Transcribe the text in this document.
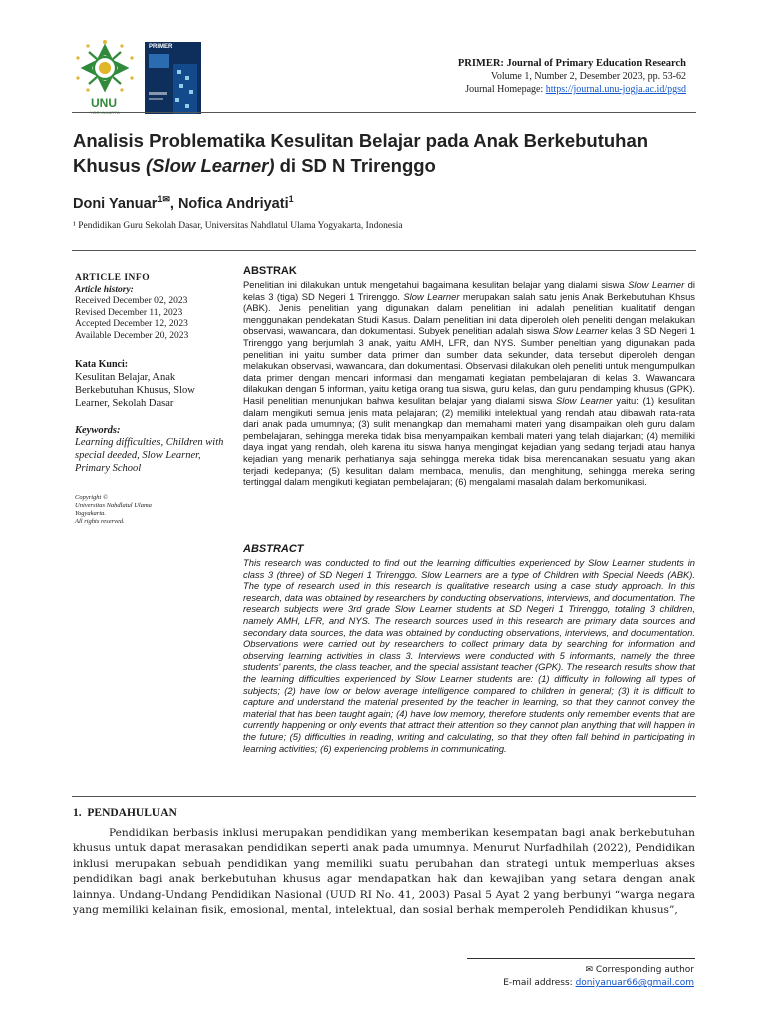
UNU
YOGYAKARTA
PRIMER
PRIMER: Journal of Primary Education Research
Volume 1, Number 2, Desember 2023, pp. 53-62
Journal Homepage: https://journal.unu-jogja.ac.id/pgsd
Analisis Problematika Kesulitan Belajar pada Anak Berkebutuhan
Khusus (Slow Learner) di SD N Trirenggo
Doni Yanuar$^{1✉}$, Nofica Andriyati$^1$
¹ Pendidikan Guru Sekolah Dasar, Universitas Nahdlatul Ulama Yogyakarta, Indonesia
ARTICLE INFO
Article history:
Received December 02, 2023
Revised December 11, 2023
Accepted December 12, 2023
Available December 20, 2023
Kata Kunci:
Kesulitan Belajar, Anak Berkebutuhan Khusus, Slow Learner, Sekolah Dasar
Keywords:
Learning difficulties, Children with special deeded, Slow Learner, Primary School
Copyright ©
Universitas Nahdlatul Ulama
Yogyakarta.
All rights reserved.
ABSTRAK
Penelitian ini dilakukan untuk mengetahui bagaimana kesulitan belajar yang dialami siswa Slow Learner di kelas 3 (tiga) SD Negeri 1 Trirenggo. Slow Learner merupakan salah satu jenis Anak Berkebutuhan Khsus (ABK). Jenis penelitian yang digunakan dalam penelitian ini adalah penelitian kualitatif dengan menggunakan pendekatan Studi Kasus. Dalam penelitian ini data diperoleh oleh peneliti dengan melakukan observasi, wawancara, dan dokumentasi. Subyek penelitian adalah siswa Slow Learner kelas 3 SD Negeri 1 Trirenggo yang berjumlah 3 anak, yaitu AMH, LFR, dan NYS. Sumber peneltian yang digunakan pada penelitian ini yaitu sumber data primer dan sumber data sekunder, data tersebut diperoleh dengan melakukan observasi, wawancara, dan dokumentasi. Observasi dilakukan oleh peneliti untuk mengumpulkan data primer dengan mencari informasi dan mengamati kegiatan pembelajaran di kelas 3. Wawancara dilakukan dengan 5 informan, yaitu ketiga orang tua siswa, guru kelas, dan guru pendamping khusus (GPK). Hasil penelitian menunjukan bahwa kesulitan belajar yang dialami siswa Slow Learner yaitu: (1) kesulitan dalam mengikuti semua jenis mata pelajaran; (2) memiliki intelektual yang rendah atau dibawah rata-rata dari anak pada umumnya; (3) sulit menangkap dan memahami materi yang disampaikan oleh guru dalam pembelajaran, sehingga mereka tidak bisa menyampaikan kembali materi yang telah diajarkan; (4) memiliki daya ingat yang rendah, oleh karena itu siswa hanya mengingat kejadian yang sedang terjadi atau hanya kejadian yang menarik perhatianya saja sehingga mereka tidak bisa merencanakan sesuatu yang akan terjadi kedepanya; (5) kesulitan dalam membaca, menulis, dan menghitung, sehingga mereka sering tertinggal dalam mengikuti kegiatan pembelajaran; (6) mengalami masalah dalam berkomunikasi.
ABSTRACT
This research was conducted to find out the learning difficulties experienced by Slow Learner students in class 3 (three) of SD Negeri 1 Trirenggo. Slow Learners are a type of Children with Special Needs (ABK). The type of research used in this research is qualitative research using a case study approach. In this research, data was obtained by researchers by conducting observations, interviews, and documentation. The research subjects were 3rd grade Slow Learner students at SD Negeri 1 Trirenggo, totaling 3 children, namely AMH, LFR, and NYS. The research sources used in this research are primary data sources and secondary data sources, the data was obtained by conducting observations, interviews, and documentation. Observations were carried out by researchers to collect primary data by searching for information and observing learning activities in class 3. Interviews were conducted with 5 informants, namely the three students' parents, the class teacher, and the special assistant teacher (GPK). The research results show that the learning difficulties experienced by Slow Learner students are: (1) difficulty in following all types of subjects; (2) have low or below average intelligence compared to children in general; (3) it is difficult to capture and understand the material presented by the teacher in learning, so that they cannot convey the material that has been taught again; (4) have low memory, therefore students only remember events that are currently happening or only events that attract their attention so they cannot plan anything that will happen in the future; (5) difficulties in reading, writing and calculating, so that they often fall behind in participating in learning activities; (6) experiencing problems in communicating.
1.  PENDAHULUAN
Pendidikan berbasis inklusi merupakan pendidikan yang memberikan kesempatan bagi anak berkebutuhan khusus untuk dapat merasakan pendidikan seperti anak pada umumnya. Menurut Nurfadhilah (2022), Pendidikan inklusi merupakan sebuah pendidikan yang memiliki suatu perubahan dan strategi untuk memperluas akses pendidikan bagi anak berkebutuhan khusus agar mendapatkan hak dan kewajiban yang setara dengan anak lainnya. Undang-Undang Pendidikan Nasional (UUD RI No. 41, 2003) Pasal 5 Ayat 2 yang berbunyi “warga negara yang memiliki kelainan fisik, emosional, mental, intelektual, dan sosial berhak memperoleh Pendidikan khusus”,
✉ Corresponding author
E-mail address: doniyanuar66@gmail.com
